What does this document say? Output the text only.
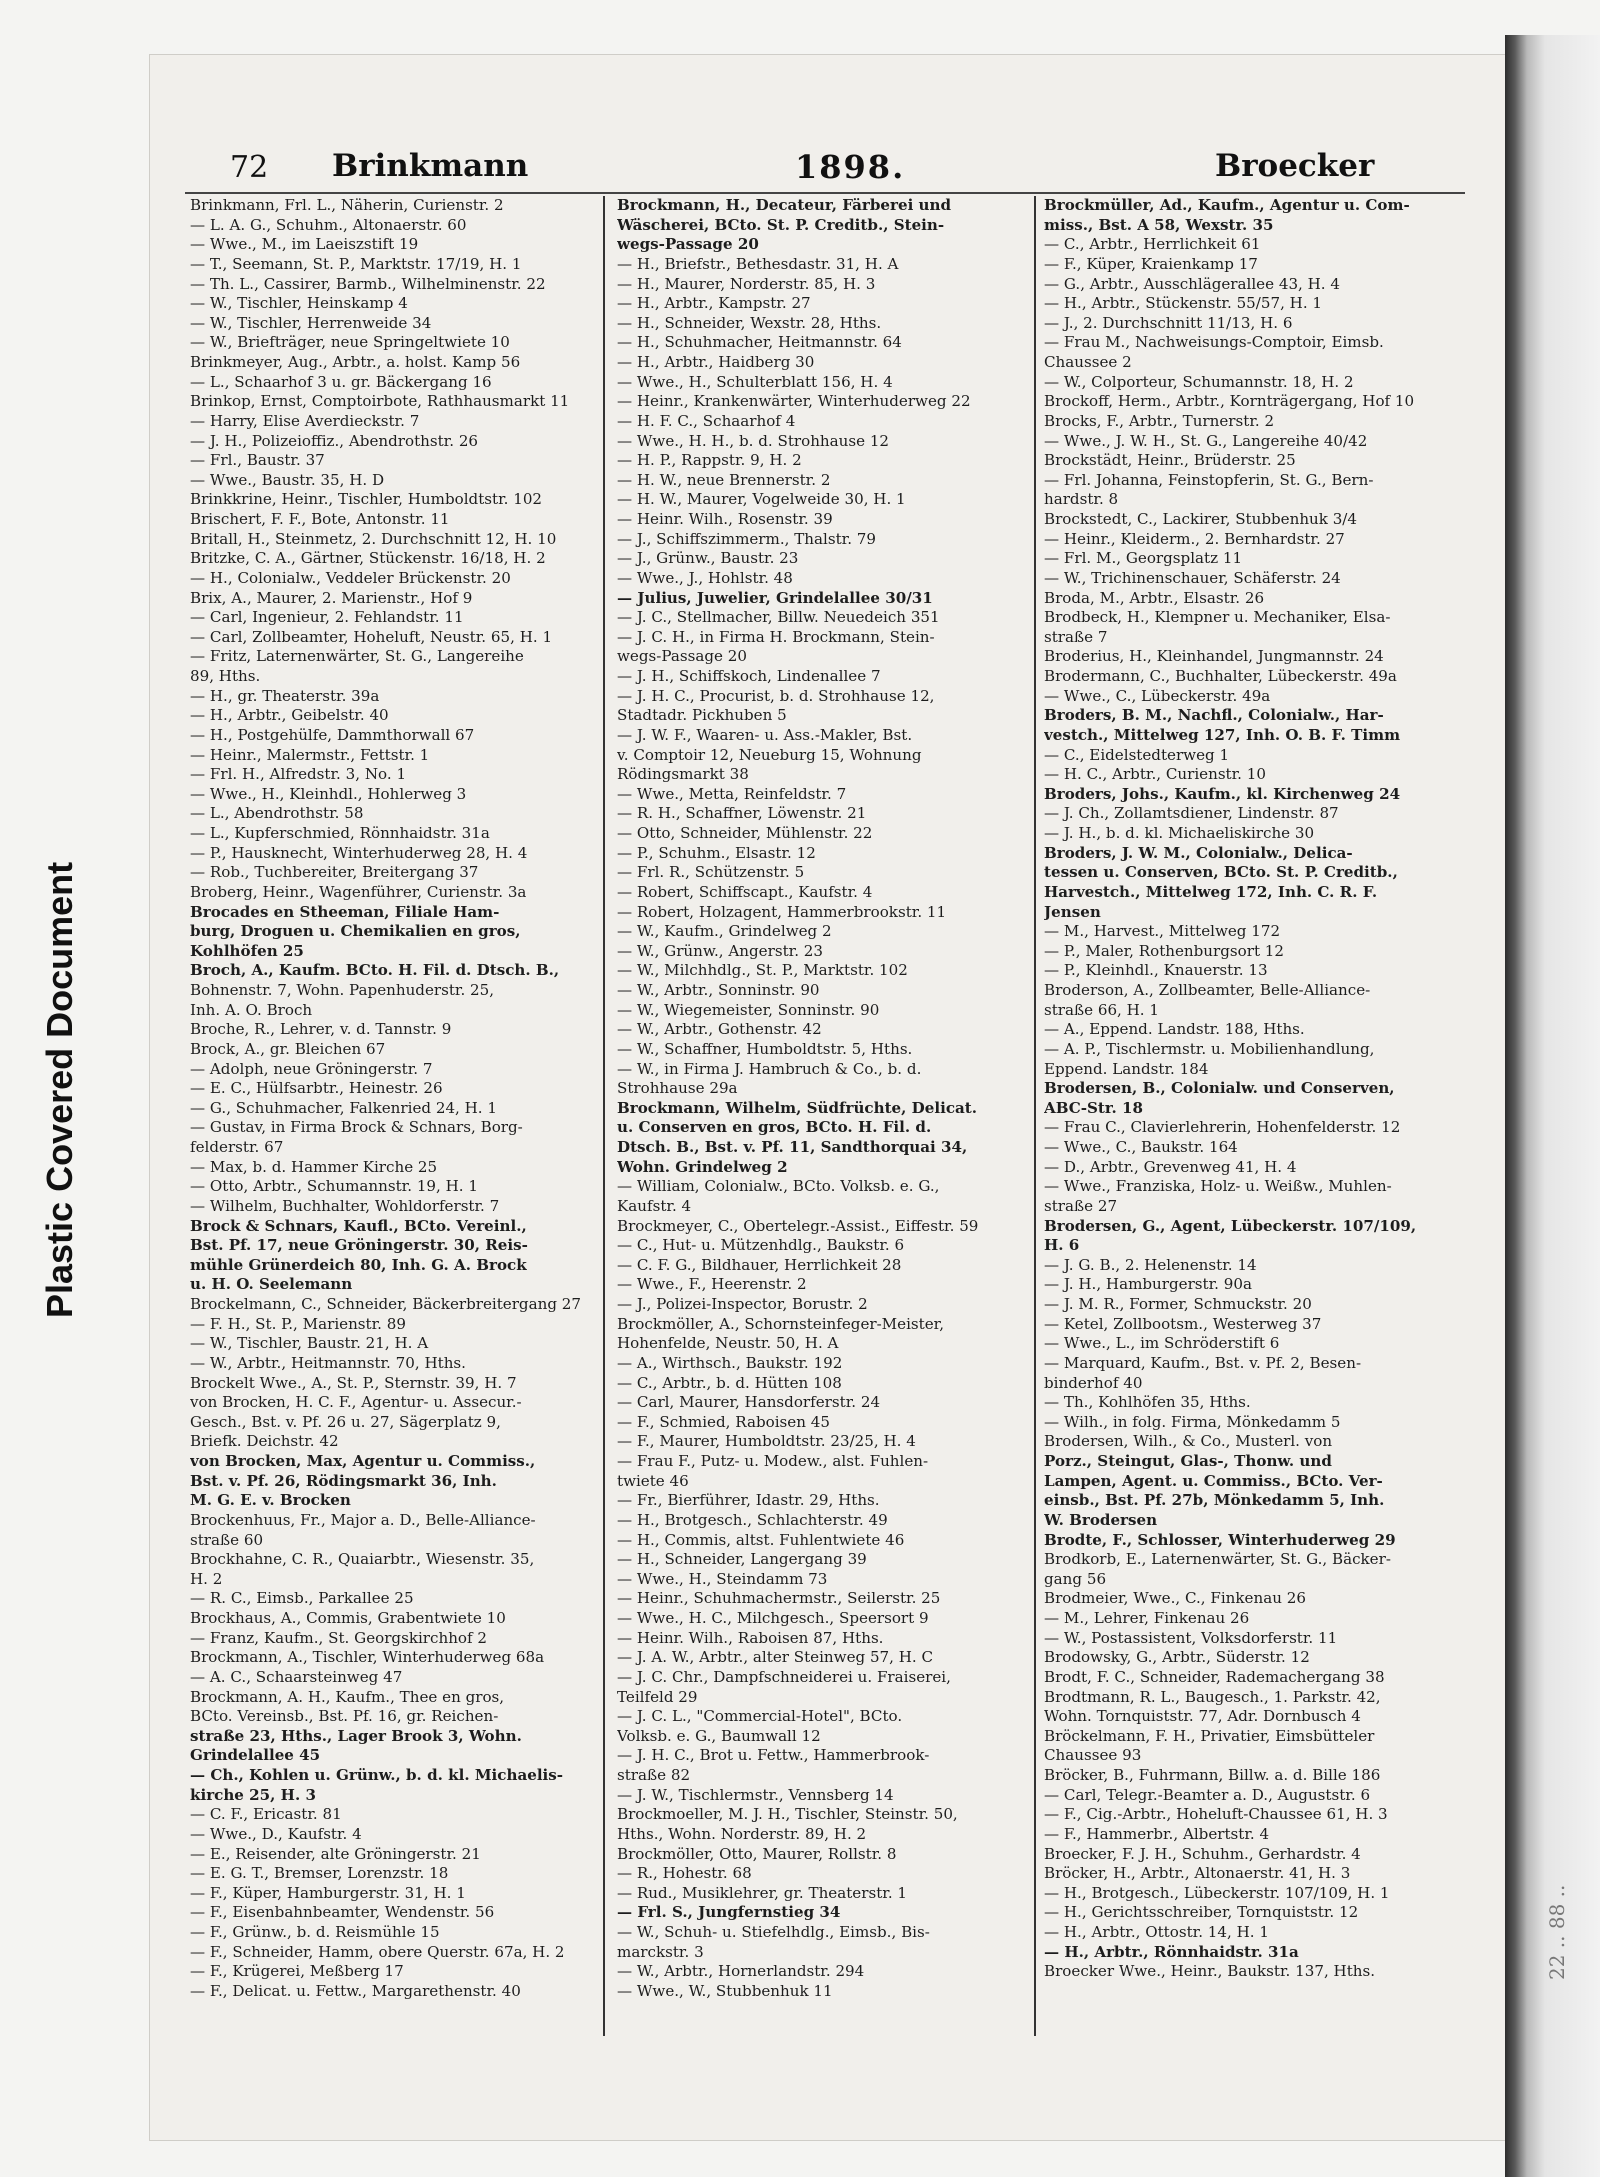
22 .. 88 ..
Plastic Covered Document
72 Brinkmann	1898.	Broecker
Brinkmann, Frl. L., Näherin, Curienstr. 2
— L. A. G., Schuhm., Altonaerstr. 60
— Wwe., M., im Laeiszstift 19
— T., Seemann, St. P., Marktstr. 17/19, H. 1
— Th. L., Cassirer, Barmb., Wilhelminenstr. 22
— W., Tischler, Heinskamp 4
— W., Tischler, Herrenweide 34
— W., Briefträger, neue Springeltwiete 10
Brinkmeyer, Aug., Arbtr., a. holst. Kamp 56
— L., Schaarhof 3 u. gr. Bäckergang 16
Brinkop, Ernst, Comptoirbote, Rathhausmarkt 11
— Harry, Elise Averdieckstr. 7
— J. H., Polizeioffiz., Abendrothstr. 26
— Frl., Baustr. 37
— Wwe., Baustr. 35, H. D
Brinkkrine, Heinr., Tischler, Humboldtstr. 102
Brischert, F. F., Bote, Antonstr. 11
Britall, H., Steinmetz, 2. Durchschnitt 12, H. 10
Britzke, C. A., Gärtner, Stückenstr. 16/18, H. 2
— H., Colonialw., Veddeler Brückenstr. 20
Brix, A., Maurer, 2. Marienstr., Hof 9
— Carl, Ingenieur, 2. Fehlandstr. 11
— Carl, Zollbeamter, Hoheluft, Neustr. 65, H. 1
— Fritz, Laternenwärter, St. G., Langereihe
89, Hths.
— H., gr. Theaterstr. 39a
— H., Arbtr., Geibelstr. 40
— H., Postgehülfe, Dammthorwall 67
— Heinr., Malermstr., Fettstr. 1
— Frl. H., Alfredstr. 3, No. 1
— Wwe., H., Kleinhdl., Hohlerweg 3
— L., Abendrothstr. 58
— L., Kupferschmied, Rönnhaidstr. 31a
— P., Hausknecht, Winterhuderweg 28, H. 4
— Rob., Tuchbereiter, Breitergang 37
Broberg, Heinr., Wagenführer, Curienstr. 3a
Brocades en Stheeman, Filiale Ham-
burg, Droguen u. Chemikalien en gros,
Kohlhöfen 25
Broch, A., Kaufm. BCto. H. Fil. d. Dtsch. B.,
Bohnenstr. 7, Wohn. Papenhuderstr. 25,
Inh. A. O. Broch
Broche, R., Lehrer, v. d. Tannstr. 9
Brock, A., gr. Bleichen 67
— Adolph, neue Gröningerstr. 7
— E. C., Hülfsarbtr., Heinestr. 26
— G., Schuhmacher, Falkenried 24, H. 1
— Gustav, in Firma Brock & Schnars, Borg-
felderstr. 67
— Max, b. d. Hammer Kirche 25
— Otto, Arbtr., Schumannstr. 19, H. 1
— Wilhelm, Buchhalter, Wohldorferstr. 7
Brock & Schnars, Kaufl., BCto. Vereinl.,
Bst. Pf. 17, neue Gröningerstr. 30, Reis-
mühle Grünerdeich 80, Inh. G. A. Brock
u. H. O. Seelemann
Brockelmann, C., Schneider, Bäckerbreitergang 27
— F. H., St. P., Marienstr. 89
— W., Tischler, Baustr. 21, H. A
— W., Arbtr., Heitmannstr. 70, Hths.
Brockelt Wwe., A., St. P., Sternstr. 39, H. 7
von Brocken, H. C. F., Agentur- u. Assecur.-
Gesch., Bst. v. Pf. 26 u. 27, Sägerplatz 9,
Briefk. Deichstr. 42
von Brocken, Max, Agentur u. Commiss.,
Bst. v. Pf. 26, Rödingsmarkt 36, Inh.
M. G. E. v. Brocken
Brockenhuus, Fr., Major a. D., Belle-Alliance-
straße 60
Brockhahne, C. R., Quaiarbtr., Wiesenstr. 35,
H. 2
— R. C., Eimsb., Parkallee 25
Brockhaus, A., Commis, Grabentwiete 10
— Franz, Kaufm., St. Georgskirchhof 2
Brockmann, A., Tischler, Winterhuderweg 68a
— A. C., Schaarsteinweg 47
Brockmann, A. H., Kaufm., Thee en gros,
BCto. Vereinsb., Bst. Pf. 16, gr. Reichen-
straße 23, Hths., Lager Brook 3, Wohn.
Grindelallee 45
— Ch., Kohlen u. Grünw., b. d. kl. Michaelis-
kirche 25, H. 3
— C. F., Ericastr. 81
— Wwe., D., Kaufstr. 4
— E., Reisender, alte Gröningerstr. 21
— E. G. T., Bremser, Lorenzstr. 18
— F., Küper, Hamburgerstr. 31, H. 1
— F., Eisenbahnbeamter, Wendenstr. 56
— F., Grünw., b. d. Reismühle 15
— F., Schneider, Hamm, obere Querstr. 67a, H. 2
— F., Krügerei, Meßberg 17
— F., Delicat. u. Fettw., Margarethenstr. 40
Brockmann, H., Decateur, Färberei und
Wäscherei, BCto. St. P. Creditb., Stein-
wegs-Passage 20
— H., Briefstr., Bethesdastr. 31, H. A
— H., Maurer, Norderstr. 85, H. 3
— H., Arbtr., Kampstr. 27
— H., Schneider, Wexstr. 28, Hths.
— H., Schuhmacher, Heitmannstr. 64
— H., Arbtr., Haidberg 30
— Wwe., H., Schulterblatt 156, H. 4
— Heinr., Krankenwärter, Winterhuderweg 22
— H. F. C., Schaarhof 4
— Wwe., H. H., b. d. Strohhause 12
— H. P., Rappstr. 9, H. 2
— H. W., neue Brennerstr. 2
— H. W., Maurer, Vogelweide 30, H. 1
— Heinr. Wilh., Rosenstr. 39
— J., Schiffszimmerm., Thalstr. 79
— J., Grünw., Baustr. 23
— Wwe., J., Hohlstr. 48
— Julius, Juwelier, Grindelallee 30/31
— J. C., Stellmacher, Billw. Neuedeich 351
— J. C. H., in Firma H. Brockmann, Stein-
wegs-Passage 20
— J. H., Schiffskoch, Lindenallee 7
— J. H. C., Procurist, b. d. Strohhause 12,
Stadtadr. Pickhuben 5
— J. W. F., Waaren- u. Ass.-Makler, Bst.
v. Comptoir 12, Neueburg 15, Wohnung
Rödingsmarkt 38
— Wwe., Metta, Reinfeldstr. 7
— R. H., Schaffner, Löwenstr. 21
— Otto, Schneider, Mühlenstr. 22
— P., Schuhm., Elsastr. 12
— Frl. R., Schützenstr. 5
— Robert, Schiffscapt., Kaufstr. 4
— Robert, Holzagent, Hammerbrookstr. 11
— W., Kaufm., Grindelweg 2
— W., Grünw., Angerstr. 23
— W., Milchhdlg., St. P., Marktstr. 102
— W., Arbtr., Sonninstr. 90
— W., Wiegemeister, Sonninstr. 90
— W., Arbtr., Gothenstr. 42
— W., Schaffner, Humboldtstr. 5, Hths.
— W., in Firma J. Hambruch & Co., b. d.
Strohhause 29a
Brockmann, Wilhelm, Südfrüchte, Delicat.
u. Conserven en gros, BCto. H. Fil. d.
Dtsch. B., Bst. v. Pf. 11, Sandthorquai 34,
Wohn. Grindelweg 2
— William, Colonialw., BCto. Volksb. e. G.,
Kaufstr. 4
Brockmeyer, C., Obertelegr.-Assist., Eiffestr. 59
— C., Hut- u. Mützenhdlg., Baukstr. 6
— C. F. G., Bildhauer, Herrlichkeit 28
— Wwe., F., Heerenstr. 2
— J., Polizei-Inspector, Borustr. 2
Brockmöller, A., Schornsteinfeger-Meister,
Hohenfelde, Neustr. 50, H. A
— A., Wirthsch., Baukstr. 192
— C., Arbtr., b. d. Hütten 108
— Carl, Maurer, Hansdorferstr. 24
— F., Schmied, Raboisen 45
— F., Maurer, Humboldtstr. 23/25, H. 4
— Frau F., Putz- u. Modew., alst. Fuhlen-
twiete 46
— Fr., Bierführer, Idastr. 29, Hths.
— H., Brotgesch., Schlachterstr. 49
— H., Commis, altst. Fuhlentwiete 46
— H., Schneider, Langergang 39
— Wwe., H., Steindamm 73
— Heinr., Schuhmachermstr., Seilerstr. 25
— Wwe., H. C., Milchgesch., Speersort 9
— Heinr. Wilh., Raboisen 87, Hths.
— J. A. W., Arbtr., alter Steinweg 57, H. C
— J. C. Chr., Dampfschneiderei u. Fraiserei,
Teilfeld 29
— J. C. L., "Commercial-Hotel", BCto.
Volksb. e. G., Baumwall 12
— J. H. C., Brot u. Fettw., Hammerbrook-
straße 82
— J. W., Tischlermstr., Vennsberg 14
Brockmoeller, M. J. H., Tischler, Steinstr. 50,
Hths., Wohn. Norderstr. 89, H. 2
Brockmöller, Otto, Maurer, Rollstr. 8
— R., Hohestr. 68
— Rud., Musiklehrer, gr. Theaterstr. 1
— Frl. S., Jungfernstieg 34
— W., Schuh- u. Stiefelhdlg., Eimsb., Bis-
marckstr. 3
— W., Arbtr., Hornerlandstr. 294
— Wwe., W., Stubbenhuk 11
Brockmüller, Ad., Kaufm., Agentur u. Com-
miss., Bst. A 58, Wexstr. 35
— C., Arbtr., Herrlichkeit 61
— F., Küper, Kraienkamp 17
— G., Arbtr., Ausschlägerallee 43, H. 4
— H., Arbtr., Stückenstr. 55/57, H. 1
— J., 2. Durchschnitt 11/13, H. 6
— Frau M., Nachweisungs-Comptoir, Eimsb.
Chaussee 2
— W., Colporteur, Schumannstr. 18, H. 2
Brockoff, Herm., Arbtr., Kornträgergang, Hof 10
Brocks, F., Arbtr., Turnerstr. 2
— Wwe., J. W. H., St. G., Langereihe 40/42
Brockstädt, Heinr., Brüderstr. 25
— Frl. Johanna, Feinstopferin, St. G., Bern-
hardstr. 8
Brockstedt, C., Lackirer, Stubbenhuk 3/4
— Heinr., Kleiderm., 2. Bernhardstr. 27
— Frl. M., Georgsplatz 11
— W., Trichinenschauer, Schäferstr. 24
Broda, M., Arbtr., Elsastr. 26
Brodbeck, H., Klempner u. Mechaniker, Elsa-
straße 7
Broderius, H., Kleinhandel, Jungmannstr. 24
Brodermann, C., Buchhalter, Lübeckerstr. 49a
— Wwe., C., Lübeckerstr. 49a
Broders, B. M., Nachfl., Colonialw., Har-
vestch., Mittelweg 127, Inh. O. B. F. Timm
— C., Eidelstedterweg 1
— H. C., Arbtr., Curienstr. 10
Broders, Johs., Kaufm., kl. Kirchenweg 24
— J. Ch., Zollamtsdiener, Lindenstr. 87
— J. H., b. d. kl. Michaeliskirche 30
Broders, J. W. M., Colonialw., Delica-
tessen u. Conserven, BCto. St. P. Creditb.,
Harvestch., Mittelweg 172, Inh. C. R. F.
Jensen
— M., Harvest., Mittelweg 172
— P., Maler, Rothenburgsort 12
— P., Kleinhdl., Knauerstr. 13
Broderson, A., Zollbeamter, Belle-Alliance-
straße 66, H. 1
— A., Eppend. Landstr. 188, Hths.
— A. P., Tischlermstr. u. Mobilienhandlung,
Eppend. Landstr. 184
Brodersen, B., Colonialw. und Conserven,
ABC-Str. 18
— Frau C., Clavierlehrerin, Hohenfelderstr. 12
— Wwe., C., Baukstr. 164
— D., Arbtr., Grevenweg 41, H. 4
— Wwe., Franziska, Holz- u. Weißw., Muhlen-
straße 27
Brodersen, G., Agent, Lübeckerstr. 107/109,
H. 6
— J. G. B., 2. Helenenstr. 14
— J. H., Hamburgerstr. 90a
— J. M. R., Former, Schmuckstr. 20
— Ketel, Zollbootsm., Westerweg 37
— Wwe., L., im Schröderstift 6
— Marquard, Kaufm., Bst. v. Pf. 2, Besen-
binderhof 40
— Th., Kohlhöfen 35, Hths.
— Wilh., in folg. Firma, Mönkedamm 5
Brodersen, Wilh., & Co., Musterl. von
Porz., Steingut, Glas-, Thonw. und
Lampen, Agent. u. Commiss., BCto. Ver-
einsb., Bst. Pf. 27b, Mönkedamm 5, Inh.
W. Brodersen
Brodte, F., Schlosser, Winterhuderweg 29
Brodkorb, E., Laternenwärter, St. G., Bäcker-
gang 56
Brodmeier, Wwe., C., Finkenau 26
— M., Lehrer, Finkenau 26
— W., Postassistent, Volksdorferstr. 11
Brodowsky, G., Arbtr., Süderstr. 12
Brodt, F. C., Schneider, Rademachergang 38
Brodtmann, R. L., Baugesch., 1. Parkstr. 42,
Wohn. Tornquiststr. 77, Adr. Dornbusch 4
Bröckelmann, F. H., Privatier, Eimsbütteler
Chaussee 93
Bröcker, B., Fuhrmann, Billw. a. d. Bille 186
— Carl, Telegr.-Beamter a. D., Auguststr. 6
— F., Cig.-Arbtr., Hoheluft-Chaussee 61, H. 3
— F., Hammerbr., Albertstr. 4
Broecker, F. J. H., Schuhm., Gerhardstr. 4
Bröcker, H., Arbtr., Altonaerstr. 41, H. 3
— H., Brotgesch., Lübeckerstr. 107/109, H. 1
— H., Gerichtsschreiber, Tornquiststr. 12
— H., Arbtr., Ottostr. 14, H. 1
— H., Arbtr., Rönnhaidstr. 31a
Broecker Wwe., Heinr., Baukstr. 137, Hths.
